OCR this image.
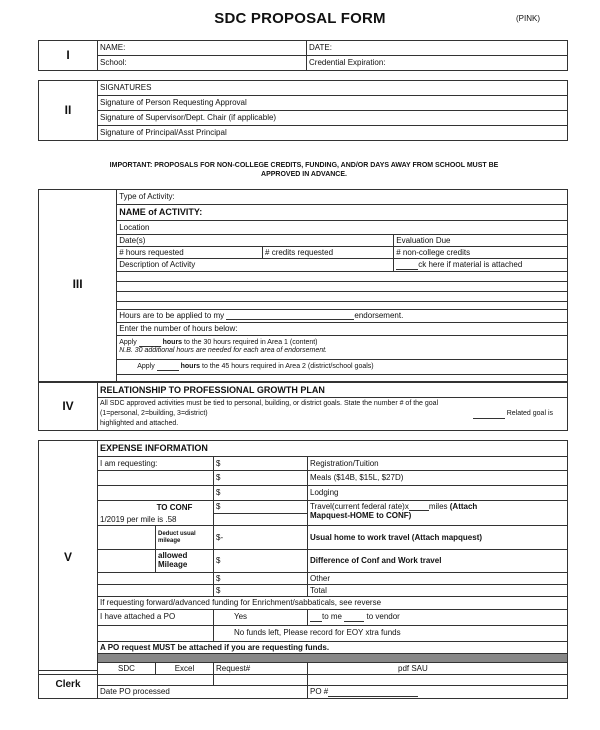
SDC PROPOSAL FORM	(PINK)
I	NAME:	DATE:
	School:	Credential Expiration:
II	SIGNATURES
Signature of Person Requesting Approval
Signature of Supervisor/Dept. Chair (if applicable)
Signature of Principal/Asst Principal
IMPORTANT: PROPOSALS FOR NON-COLLEGE CREDITS, FUNDING, AND/OR DAYS AWAY FROM SCHOOL MUST BE
APPROVED IN ADVANCE.
III	Type of Activity:		
	NAME of ACTIVITY:		
	Location		
	Date(s)		Evaluation Due
	# hours requested	# credits requested	# non-college credits
	Description of Activity		ck here if material is attached

	Hours are to be applied to my endorsement.		
	Enter the number of hours below:		

	Apply hours to the 30 hours required in Area 1 (content)
N.B. 30 additional hours are needed for each area of endorsement.		

	Apply hours to the 45 hours required in Area 2 (district/school goals)		

IV	RELATIONSHIP TO PROFESSIONAL GROWTH PLAN

All SDC approved activities must be tied to personal, building, or district goals. State the number # of the goal
(1=personal, 2=building, 3=district)	Related goal is
highlighted and attached.
V	EXPENSE INFORMATION			
	I am requesting:		$	Registration/Tuition
			$	Meals ($14B, $15L, $27D)
			$	Lodging
	TO CONF		$	Travel(current federal rate)x miles (Attach
Mapquest-HOME to CONF)

	1/2019 per mile is .58			
		Deduct usual mileage	$-	Usual home to work travel (Attach mapquest)
		allowed Mileage	$	Difference of Conf and Work travel
			$	Other
			$	Total
	If requesting forward/advanced funding for Enrichment/sabbaticals, see reverse			
	I have attached a PO		Yes	to me to vendor
			No funds left, Please record for EOY xtra funds	
	A PO request MUST be attached if you are requesting funds.			

	SDC	Excel	Request#	pdf SAU
Clerk			
	Date PO processed		PO #
